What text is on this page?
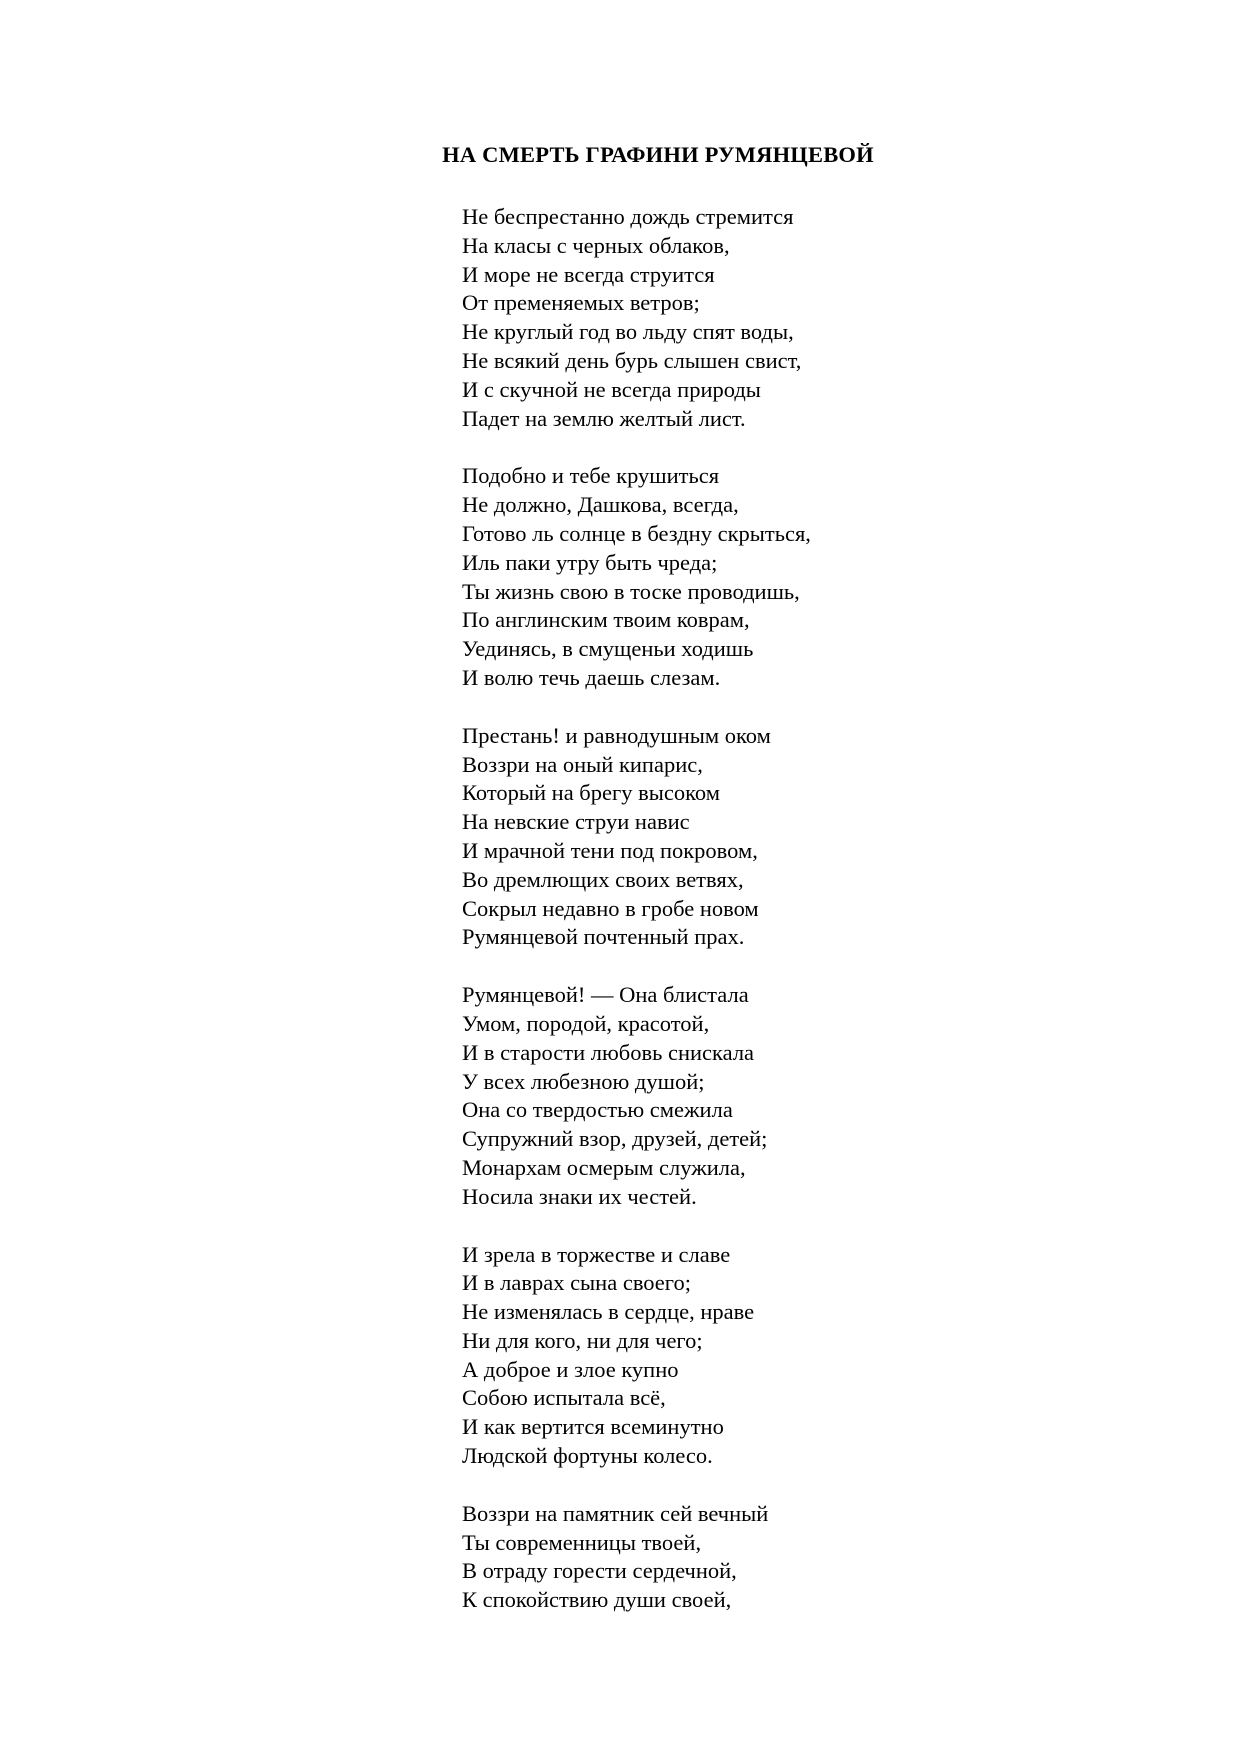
НА СМЕРТЬ ГРАФИНИ РУМЯНЦЕВОЙ
Не беспрестанно дождь стремится
На класы с черных облаков,
И море не всегда струится
От пременяемых ветров;
Не круглый год во льду спят воды,
Не всякий день бурь слышен свист,
И с скучной не всегда природы
Падет на землю желтый лист.
Подобно и тебе крушиться
Не должно, Дашкова, всегда,
Готово ль солнце в бездну скрыться,
Иль паки утру быть чреда;
Ты жизнь свою в тоске проводишь,
По англинским твоим коврам,
Уединясь, в смущеньи ходишь
И волю течь даешь слезам.
Престань! и равнодушным оком
Воззри на оный кипарис,
Который на брегу высоком
На невские струи навис
И мрачной тени под покровом,
Во дремлющих своих ветвях,
Сокрыл недавно в гробе новом
Румянцевой почтенный прах.
Румянцевой! — Она блистала
Умом, породой, красотой,
И в старости любовь снискала
У всех любезною душой;
Она со твердостью смежила
Супружний взор, друзей, детей;
Монархам осмерым служила,
Носила знаки их честей.
И зрела в торжестве и славе
И в лаврах сына своего;
Не изменялась в сердце, нраве
Ни для кого, ни для чего;
А доброе и злое купно
Собою испытала всё,
И как вертится всеминутно
Людской фортуны колесо.
Воззри на памятник сей вечный
Ты современницы твоей,
В отраду горести сердечной,
К спокойствию души своей,
